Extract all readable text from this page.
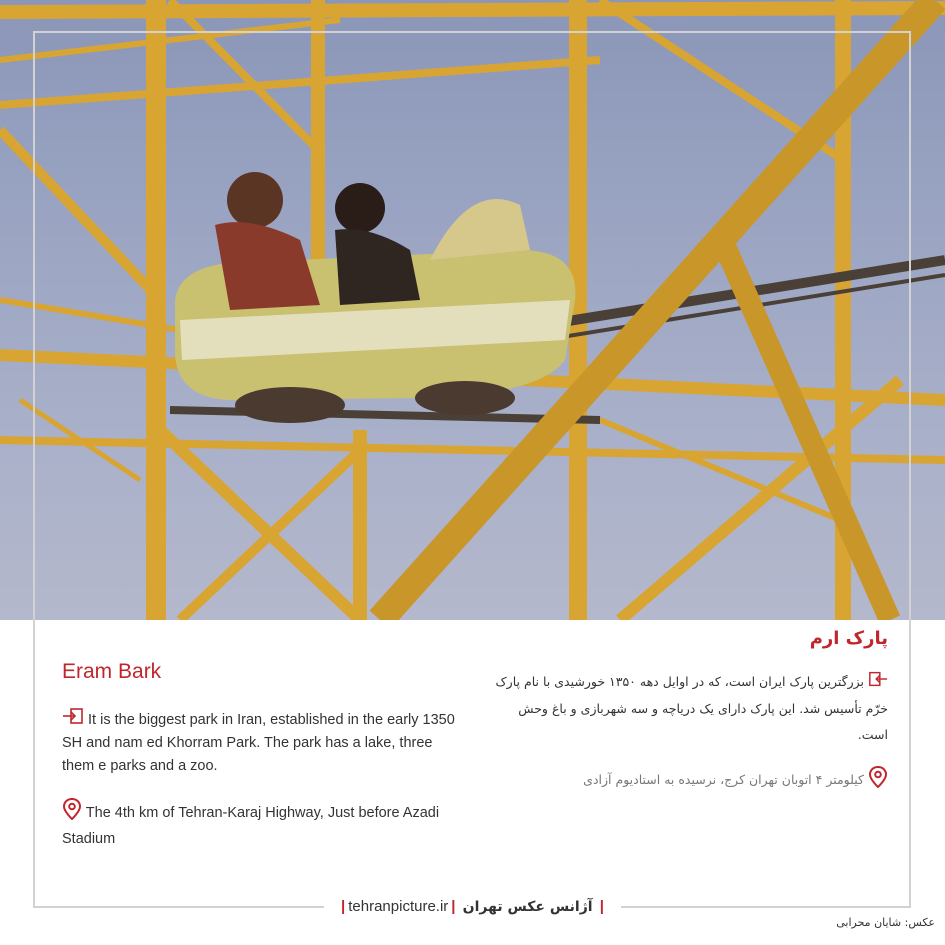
Eram Bark

It is the biggest park in Iran, established in the early 1350 SH and nam ed Khorram Park. The park has a lake, three them e parks and a zoo.

The 4th km of Tehran-Karaj Highway, Just before Azadi Stadium

پارک ارم

بزرگترین پارک ایران است، که در اوایل دهه ۱۳۵۰ خورشیدی با نام پارک خرّم تأسیس شد. این پارک دارای یک دریاچه و سه شهربازی و باغ وحش است.

کیلومتر ۴ اتوبان تهران کرج، نرسیده به استادیوم آزادی

| tehranpicture.ir | آژانس عکس تهران |
عکس: شایان محرابی
